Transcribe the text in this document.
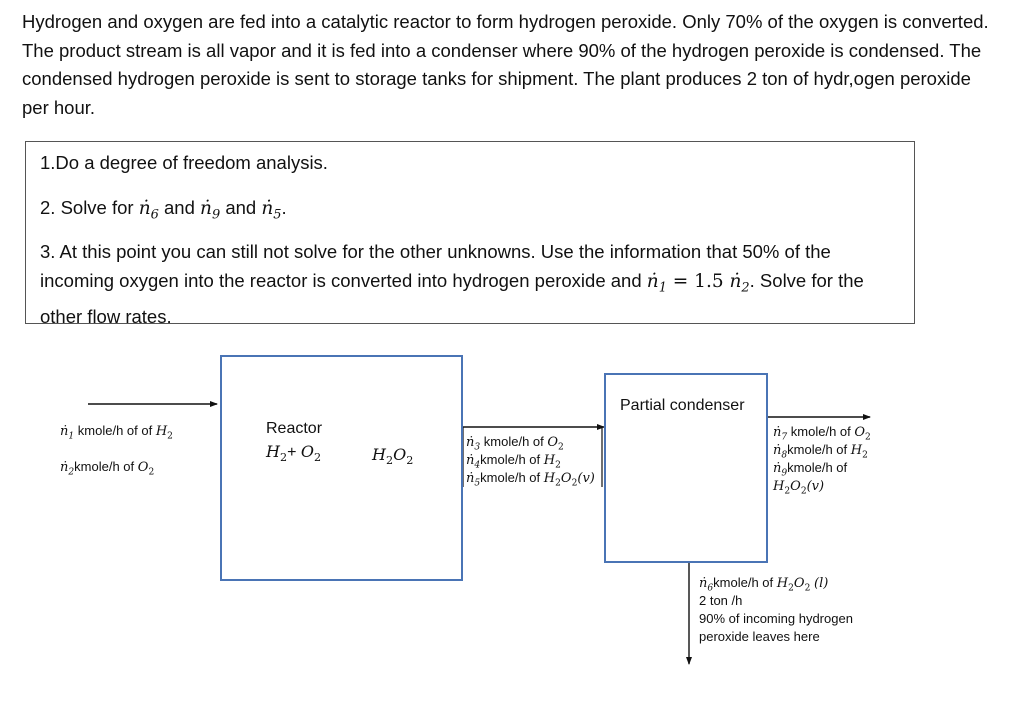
Hydrogen and oxygen are fed into a catalytic reactor to form hydrogen peroxide. Only 70% of the oxygen is converted. The product stream is all vapor and it is fed into a condenser where 90% of the hydrogen peroxide is condensed. The condensed hydrogen peroxide is sent to storage tanks for shipment. The plant produces 2 ton of hydr,ogen peroxide per hour.

1.Do a degree of freedom analysis.

2. Solve for ṅ$_6$ and ṅ$_9$ and ṅ$_5$.

3. At this point you can still not solve for the other unknowns. Use the information that 50% of the incoming oxygen into the reactor is converted into hydrogen peroxide and ṅ$_1$ = 1.5 ṅ$_2$. Solve for the other flow rates.

Reactor
$H_2+ O_2$	$H_2O_2$
Partial condenser
ṅ$_1$ kmole/h of of $H_2$
ṅ$_2$kmole/h of $O_2$
ṅ$_3$ kmole/h of $O_2$
ṅ$_4$kmole/h of $H_2$
ṅ$_5$kmole/h of $H_2O_2(v)$
ṅ$_7$ kmole/h of $O_2$
ṅ$_8$kmole/h of $H_2$
ṅ$_9$kmole/h of
$H_2O_2(v)$
ṅ$_6$kmole/h of $H_2O_2$ (l)
2 ton /h
90% of incoming hydrogen
peroxide leaves here
